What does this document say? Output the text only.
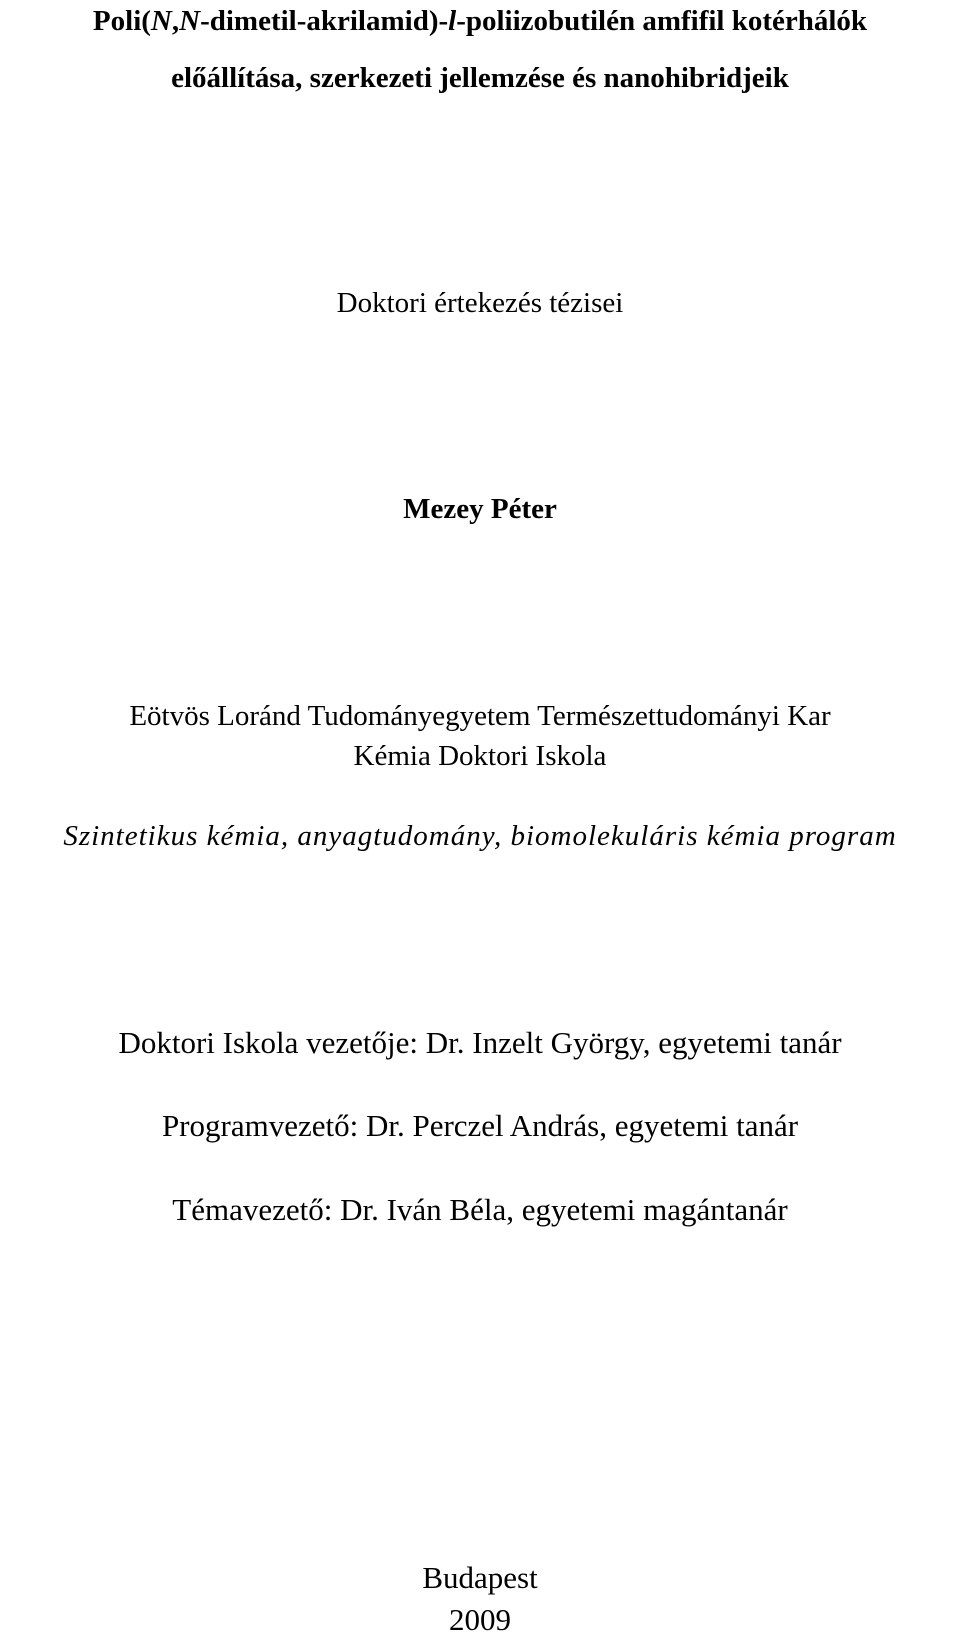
Poli(N,N-dimetil-akrilamid)-l-poliizobutilén amfifil kotérhálók
előállítása, szerkezeti jellemzése és nanohibridjeik
Doktori értekezés tézisei
Mezey Péter
Eötvös Loránd Tudományegyetem Természettudományi Kar
Kémia Doktori Iskola
Szintetikus kémia, anyagtudomány, biomolekuláris kémia program
Doktori Iskola vezetője: Dr. Inzelt György, egyetemi tanár
Programvezető: Dr. Perczel András, egyetemi tanár
Témavezető: Dr. Iván Béla, egyetemi magántanár
Budapest
2009
